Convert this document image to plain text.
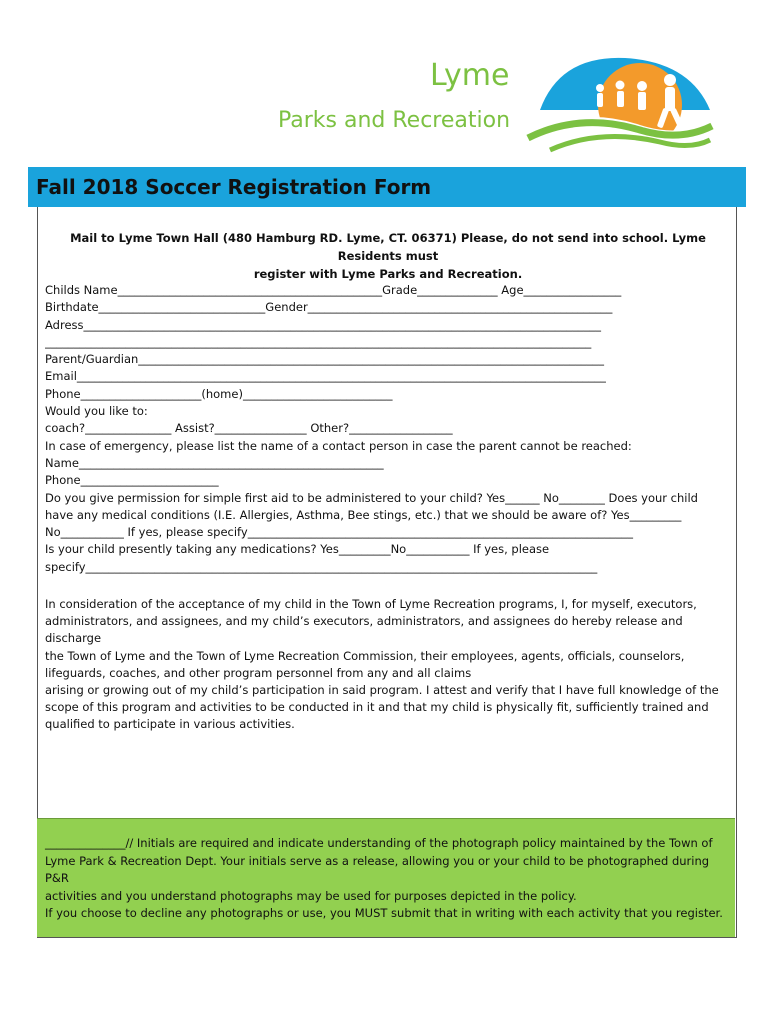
Lyme
Parks and Recreation
Fall 2018 Soccer Registration Form
Mail to Lyme Town Hall (480 Hamburg RD. Lyme, CT. 06371) Please, do not send into school. Lyme Residents must
register with Lyme Parks and Recreation.
Childs Name______________________________________________Grade______________ Age_________________
Birthdate_____________________________Gender_____________________________________________________
Adress__________________________________________________________________________________________
_______________________________________________________________________________________________
Parent/Guardian_________________________________________________________________________________
Email____________________________________________________________________________________________
Phone_____________________(home)__________________________
Would you like to:
coach?_______________ Assist?________________ Other?__________________
In case of emergency, please list the name of a contact person in case the parent cannot be reached:
Name_____________________________________________________
Phone________________________
Do you give permission for simple first aid to be administered to your child? Yes______ No________ Does your child
have any medical conditions (I.E. Allergies, Asthma, Bee stings, etc.) that we should be aware of? Yes_________
No___________ If yes, please specify___________________________________________________________________
Is your child presently taking any medications? Yes_________No___________ If yes, please
specify_________________________________________________________________________________________
In consideration of the acceptance of my child in the Town of Lyme Recreation programs, I, for myself, executors,
administrators, and assignees, and my child’s executors, administrators, and assignees do hereby release and discharge
the Town of Lyme and the Town of Lyme Recreation Commission, their employees, agents, officials, counselors,
lifeguards, coaches, and other program personnel from any and all claims
arising or growing out of my child’s participation in said program. I attest and verify that I have full knowledge of the
scope of this program and activities to be conducted in it and that my child is physically fit, sufficiently trained and
qualified to participate in various activities.
______________// Initials are required and indicate understanding of the photograph policy maintained by the Town of
Lyme Park & Recreation Dept. Your initials serve as a release, allowing you or your child to be photographed during P&R
activities and you understand photographs may be used for purposes depicted in the policy.
If you choose to decline any photographs or use, you MUST submit that in writing with each activity that you register.
